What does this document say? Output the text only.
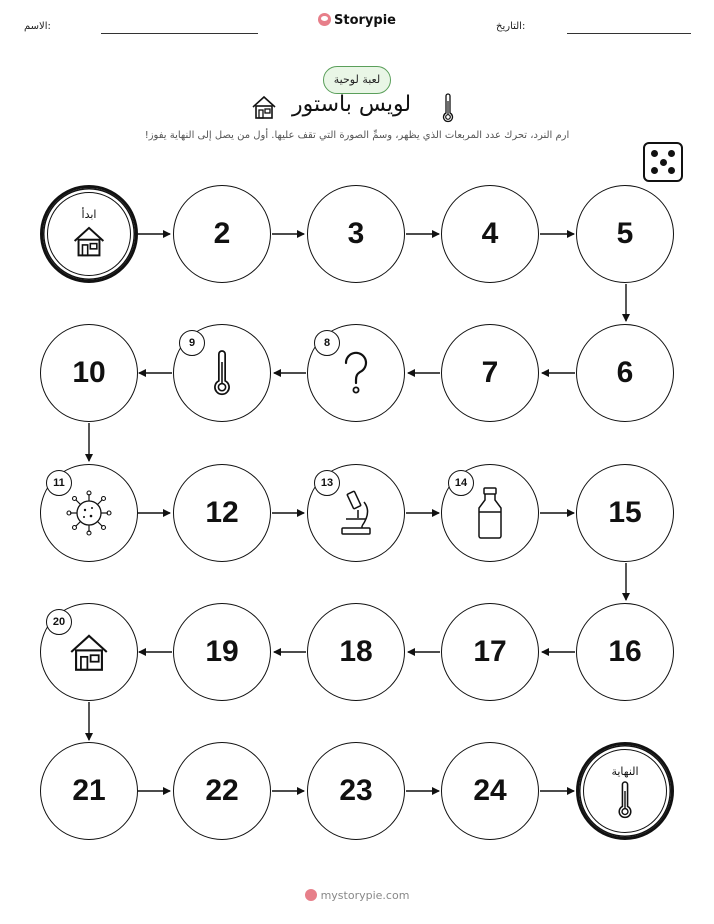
الاسم:	Storypie	التاريخ:
لعبة لوحية
لويس باستور
ارم النرد، تحرك عدد المربعات الذي يظهر، وسمِّ الصورة التي تقف عليها. أول من يصل إلى النهاية يفوز!
ابدأ
2	3	4	5
6
7
8
9
10
11
12
13	14
15
16
17
18
19
20
21	22	23	24
النهاية
mystorypie.com
